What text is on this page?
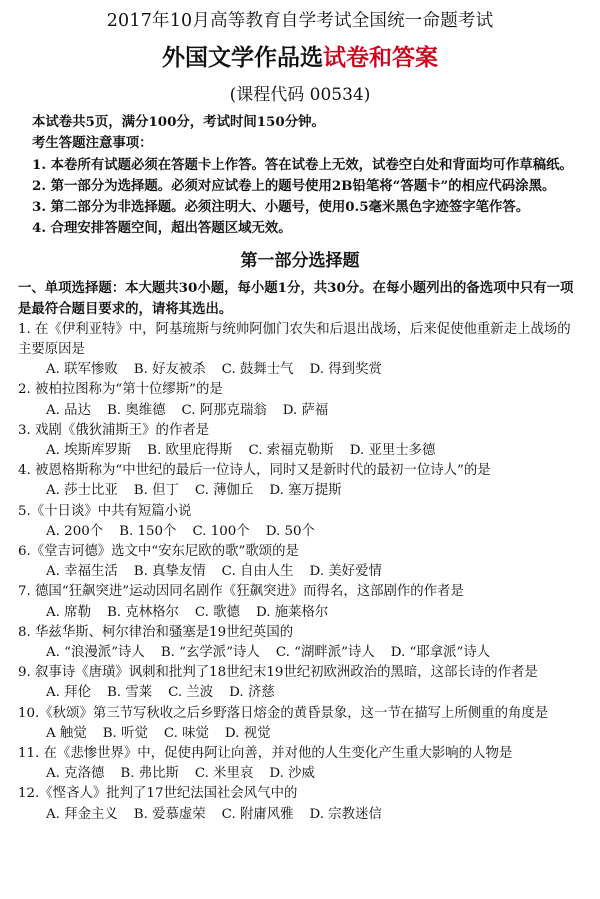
2017年10月高等教育自学考试全国统一命题考试
外国文学作品选试卷和答案
(课程代码 00534)
本试卷共5页，满分100分，考试时间150分钟。
考生答题注意事项：
1. 本卷所有试题必须在答题卡上作答。答在试卷上无效，试卷空白处和背面均可作草稿纸。
2. 第一部分为选择题。必须对应试卷上的题号使用2B铅笔将“答题卡”的相应代码涂黑。
3. 第二部分为非选择题。必须注明大、小题号，使用0.5毫米黑色字迹签字笔作答。
4. 合理安排答题空间，超出答题区域无效。
第一部分选择题
一、单项选择题：本大题共30小题，每小题1分，共30分。在每小题列出的备选项中只有一项是最符合题目要求的，请将其选出。
1. 在《伊利亚特》中，阿基琉斯与统帅阿伽门农失和后退出战场，后来促使他重新走上战场的主要原因是
A. 联军惨败 B. 好友被杀 C. 鼓舞士气 D. 得到奖赏
2. 被柏拉图称为“第十位缪斯”的是
A. 品达 B. 奥维德 C. 阿那克瑞翁 D. 萨福
3. 戏剧《俄狄浦斯王》的作者是
A. 埃斯库罗斯 B. 欧里庇得斯 C. 索福克勒斯 D. 亚里士多德
4. 被恩格斯称为“中世纪的最后一位诗人，同时又是新时代的最初一位诗人”的是
A. 莎士比亚 B. 但丁 C. 薄伽丘 D. 塞万提斯
5.《十日谈》中共有短篇小说
A. 200个 B. 150个 C. 100个 D. 50个
6.《堂吉诃德》选文中“安东尼欧的歌”歌颂的是
A. 幸福生活 B. 真挚友情 C. 自由人生 D. 美好爱情
7. 德国“狂飙突进”运动因同名剧作《狂飙突进》而得名，这部剧作的作者是
A. 席勒 B. 克林格尔 C. 歌德 D. 施莱格尔
8. 华兹华斯、柯尔律治和骚塞是19世纪英国的
A. “浪漫派”诗人 B. “玄学派”诗人 C. “湖畔派”诗人 D. “耶拿派”诗人
9. 叙事诗《唐璜》讽刺和批判了18世纪末19世纪初欧洲政治的黑暗，这部长诗的作者是
A. 拜伦 B. 雪莱 C. 兰波 D. 济慈
10.《秋颂》第三节写秋收之后乡野落日熔金的黄昏景象，这一节在描写上所侧重的角度是
A 触觉 B. 听觉 C. 味觉 D. 视觉
11. 在《悲惨世界》中，促使冉阿让向善，并对他的人生变化产生重大影响的人物是
A. 克洛德 B. 弗比斯 C. 米里哀 D. 沙威
12.《悭吝人》批判了17世纪法国社会风气中的
A. 拜金主义 B. 爱慕虚荣 C. 附庸风雅 D. 宗教迷信
